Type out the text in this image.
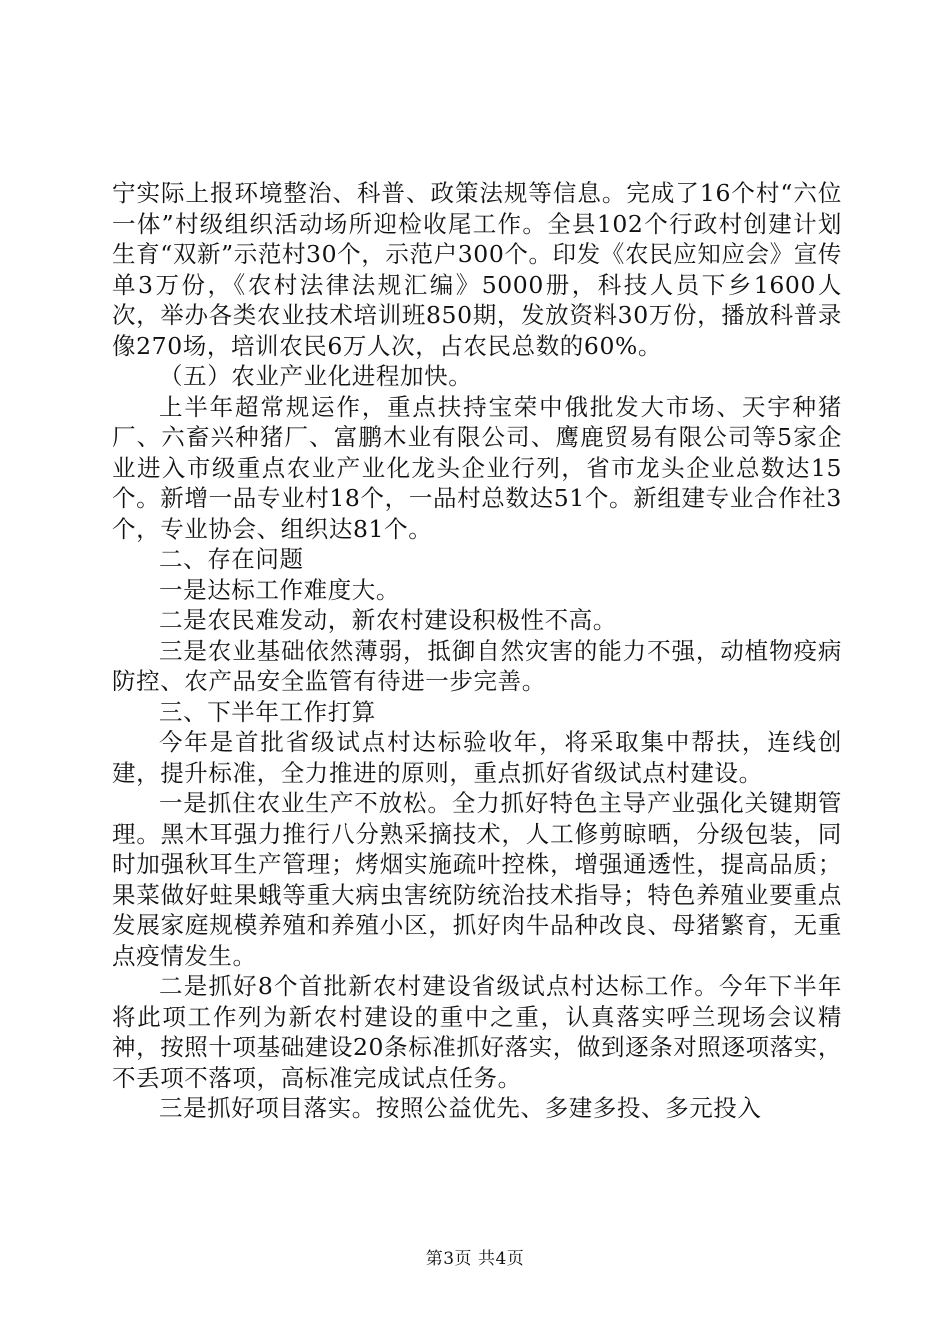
宁实际上报环境整治、科普、政策法规等信息。完成了16个村“六位一体”村级组织活动场所迎检收尾工作。全县102个行政村创建计划生育“双新”示范村30个，示范户300个。印发《农民应知应会》宣传单3万份，《农村法律法规汇编》5000册，科技人员下乡1600人次，举办各类农业技术培训班850期，发放资料30万份，播放科普录像270场，培训农民6万人次，占农民总数的60%。

（五）农业产业化进程加快。

上半年超常规运作，重点扶持宝荣中俄批发大市场、天宇种猪厂、六畜兴种猪厂、富鹏木业有限公司、鹰鹿贸易有限公司等5家企业进入市级重点农业产业化龙头企业行列，省市龙头企业总数达15个。新增一品专业村18个，一品村总数达51个。新组建专业合作社3个，专业协会、组织达81个。

二、存在问题

一是达标工作难度大。

二是农民难发动，新农村建设积极性不高。

三是农业基础依然薄弱，抵御自然灾害的能力不强，动植物疫病防控、农产品安全监管有待进一步完善。

三、下半年工作打算

今年是首批省级试点村达标验收年，将采取集中帮扶，连线创建，提升标准，全力推进的原则，重点抓好省级试点村建设。

一是抓住农业生产不放松。全力抓好特色主导产业强化关键期管理。黑木耳强力推行八分熟采摘技术，人工修剪晾晒，分级包装，同时加强秋耳生产管理；烤烟实施疏叶控株，增强通透性，提高品质；果菜做好蛀果蛾等重大病虫害统防统治技术指导；特色养殖业要重点发展家庭规模养殖和养殖小区，抓好肉牛品种改良、母猪繁育，无重点疫情发生。

二是抓好8个首批新农村建设省级试点村达标工作。今年下半年将此项工作列为新农村建设的重中之重，认真落实呼兰现场会议精神，按照十项基础建设20条标准抓好落实，做到逐条对照逐项落实，不丢项不落项，高标准完成试点任务。

三是抓好项目落实。按照公益优先、多建多投、多元投入

第3页 共4页
